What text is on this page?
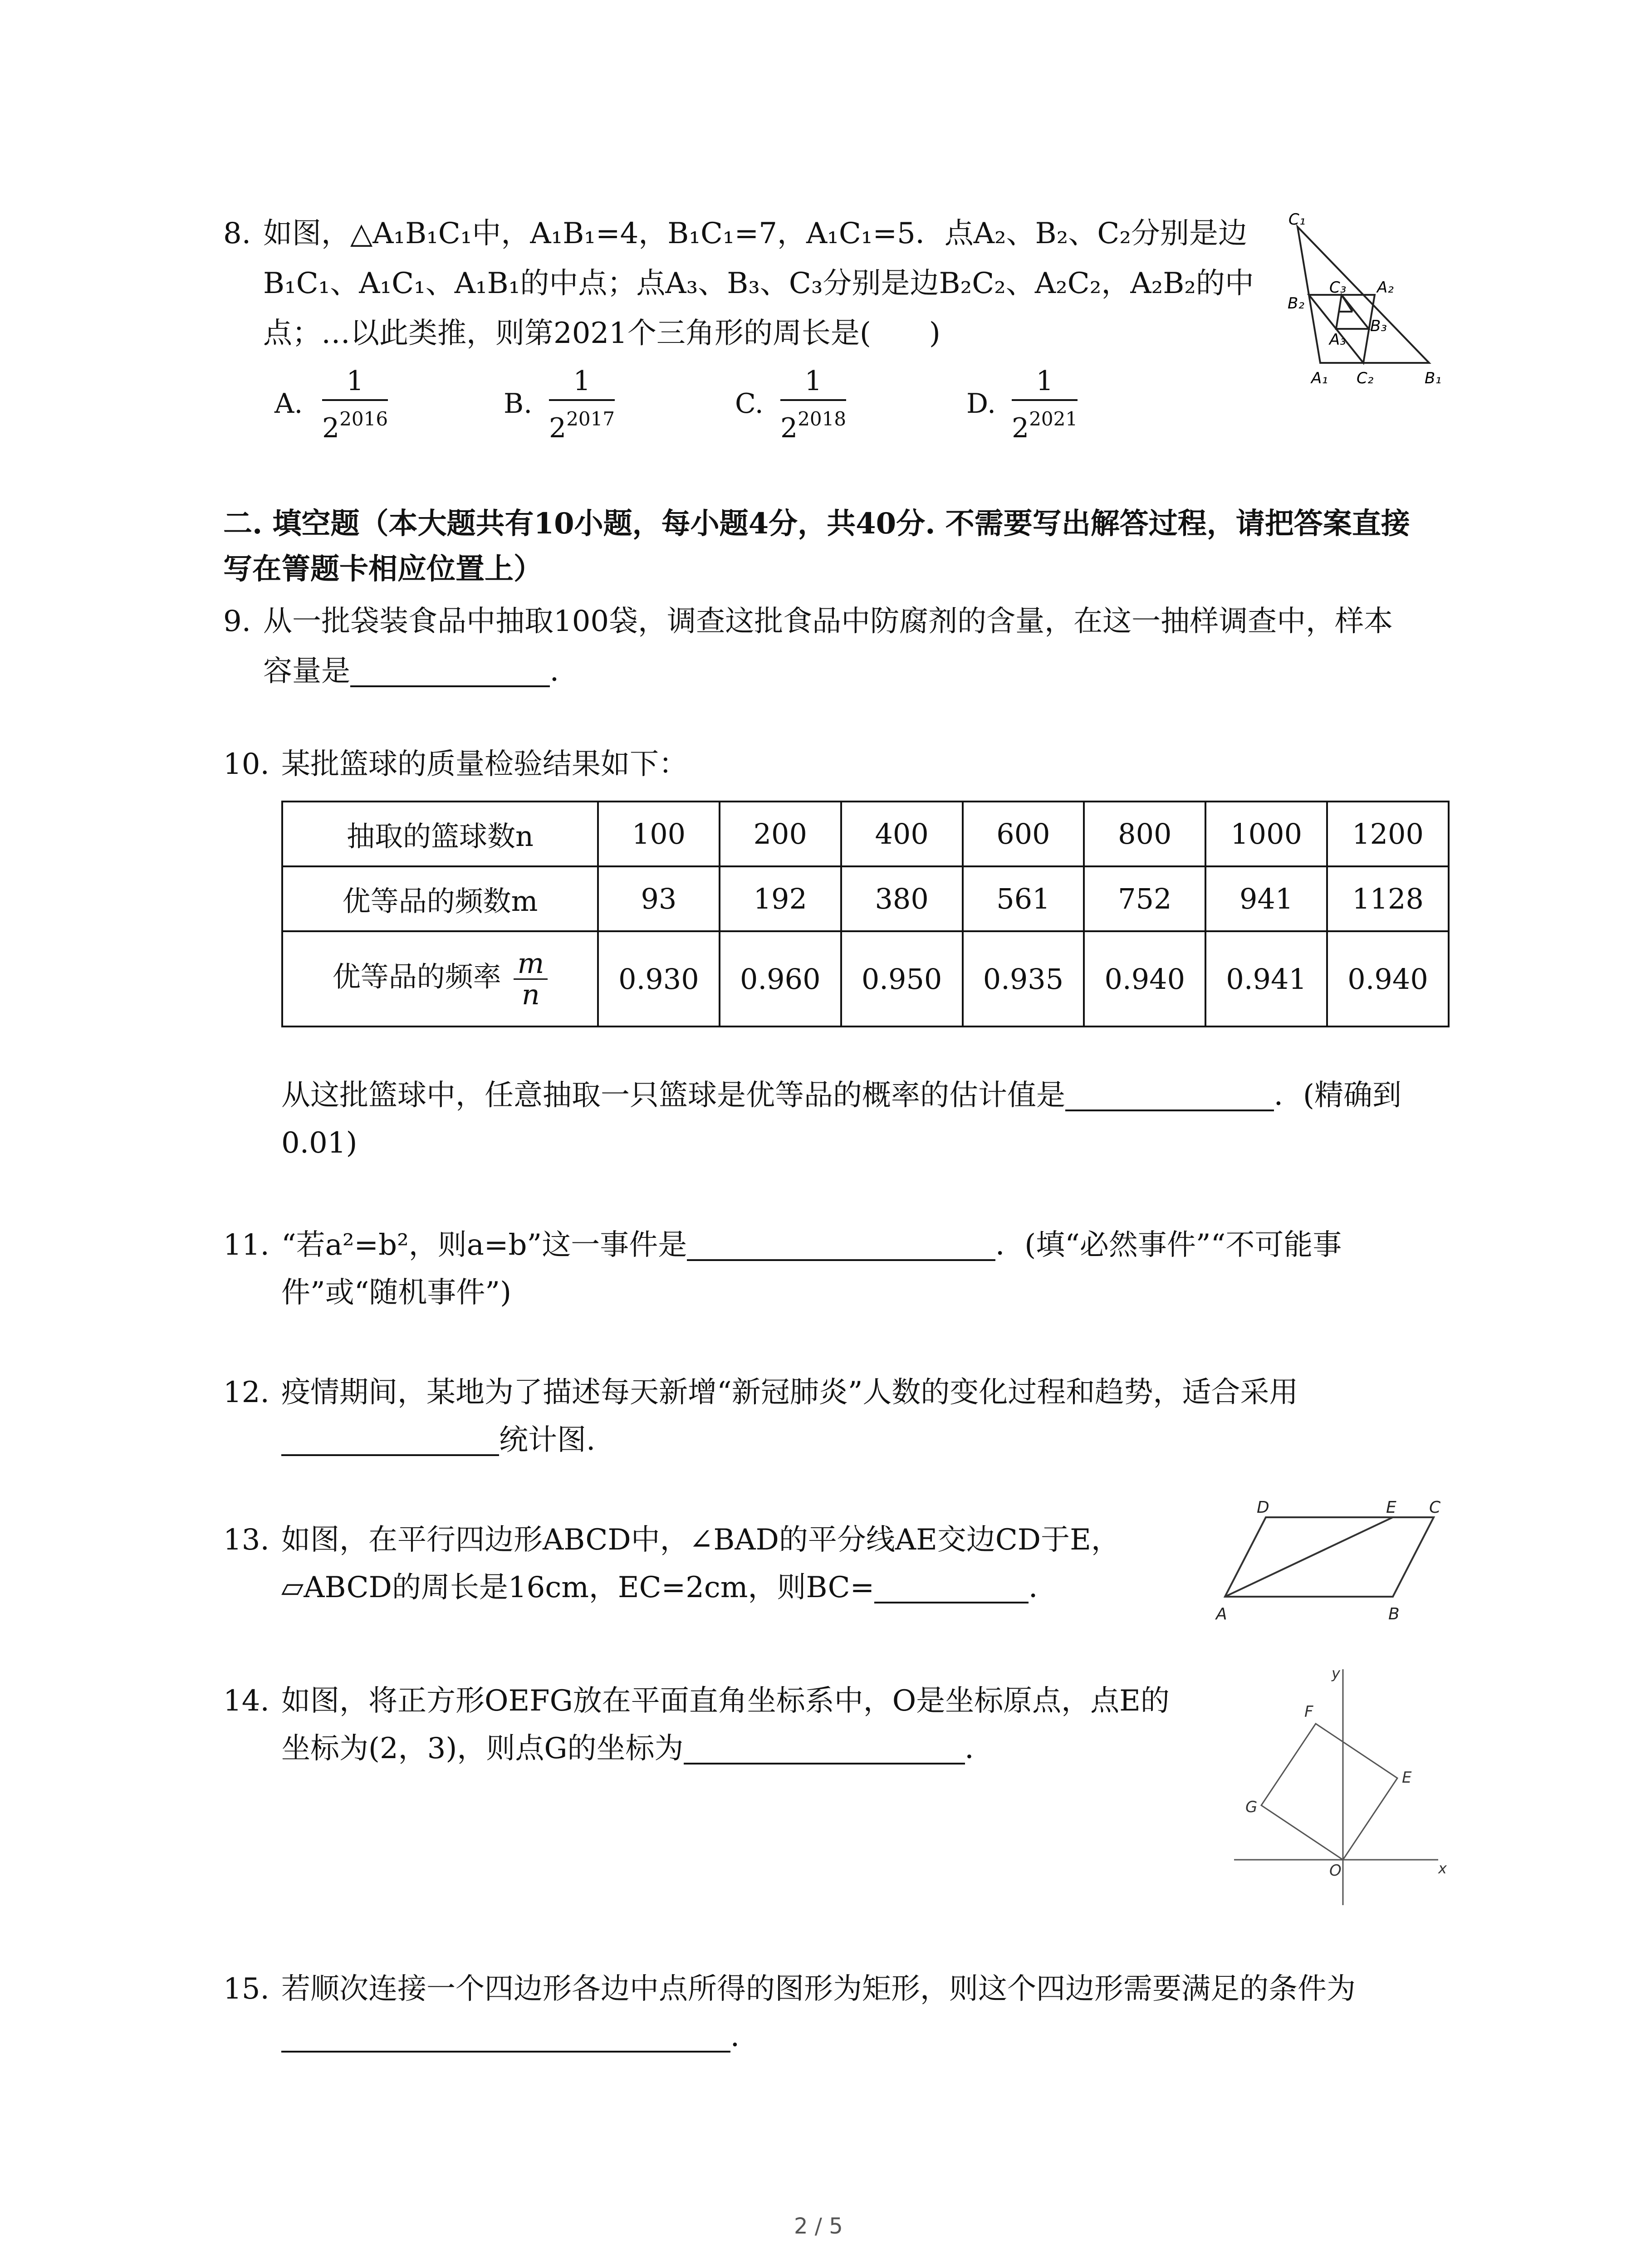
8. 如图，△A₁B₁C₁中，A₁B₁=4，B₁C₁=7，A₁C₁=5．点A₂、B₂、C₂分别是边
B₁C₁、A₁C₁、A₁B₁的中点；点A₃、B₃、C₃分别是边B₂C₂、A₂C₂，A₂B₂的中
点；…以此类推，则第2021个三角形的周长是(　　)
A. $\frac{1}{2^{2016}}$	B. $\frac{1}{2^{2017}}$	C. $\frac{1}{2^{2018}}$	D. $\frac{1}{2^{2021}}$
C₁
A₂
C₃
B₂
B₃
A₃
A₁ C₂	B₁
二. 填空题（本大题共有10小题，每小题4分，共40分. 不需要写出解答过程，请把答案直接
写在箐题卡相应位置上）
9. 从一批袋装食品中抽取100袋，调查这批食品中防腐剂的含量，在这一抽样调查中，样本
容量是	．
10. 某批篮球的质量检验结果如下：
抽取的篮球数n	100	200	400	600	800	1000	1200
优等品的频数m	93	192	380	561	752	941	1128
优等品的频率 $\frac{m}{n}$	0.930	0.960	0.950	0.935	0.940	0.941	0.940
从这批篮球中，任意抽取一只篮球是优等品的概率的估计值是	．(精确到
0.01)
11. “若a²=b²，则a=b”这一事件是	．(填“必然事件”“不可能事
件”或“随机事件”)
12. 疫情期间，某地为了描述每天新增“新冠肺炎”人数的变化过程和趋势，适合采用
统计图.
13. 如图，在平行四边形ABCD中，∠BAD的平分线AE交边CD于E，
▱ABCD的周长是16cm，EC=2cm，则BC=	．
D	E C
A	B
14. 如图，将正方形OEFG放在平面直角坐标系中，O是坐标原点，点E的
坐标为(2，3)，则点G的坐标为	．
y
x
O
E
F
G
15. 若顺次连接一个四边形各边中点所得的图形为矩形，则这个四边形需要满足的条件为
．
2 / 5
